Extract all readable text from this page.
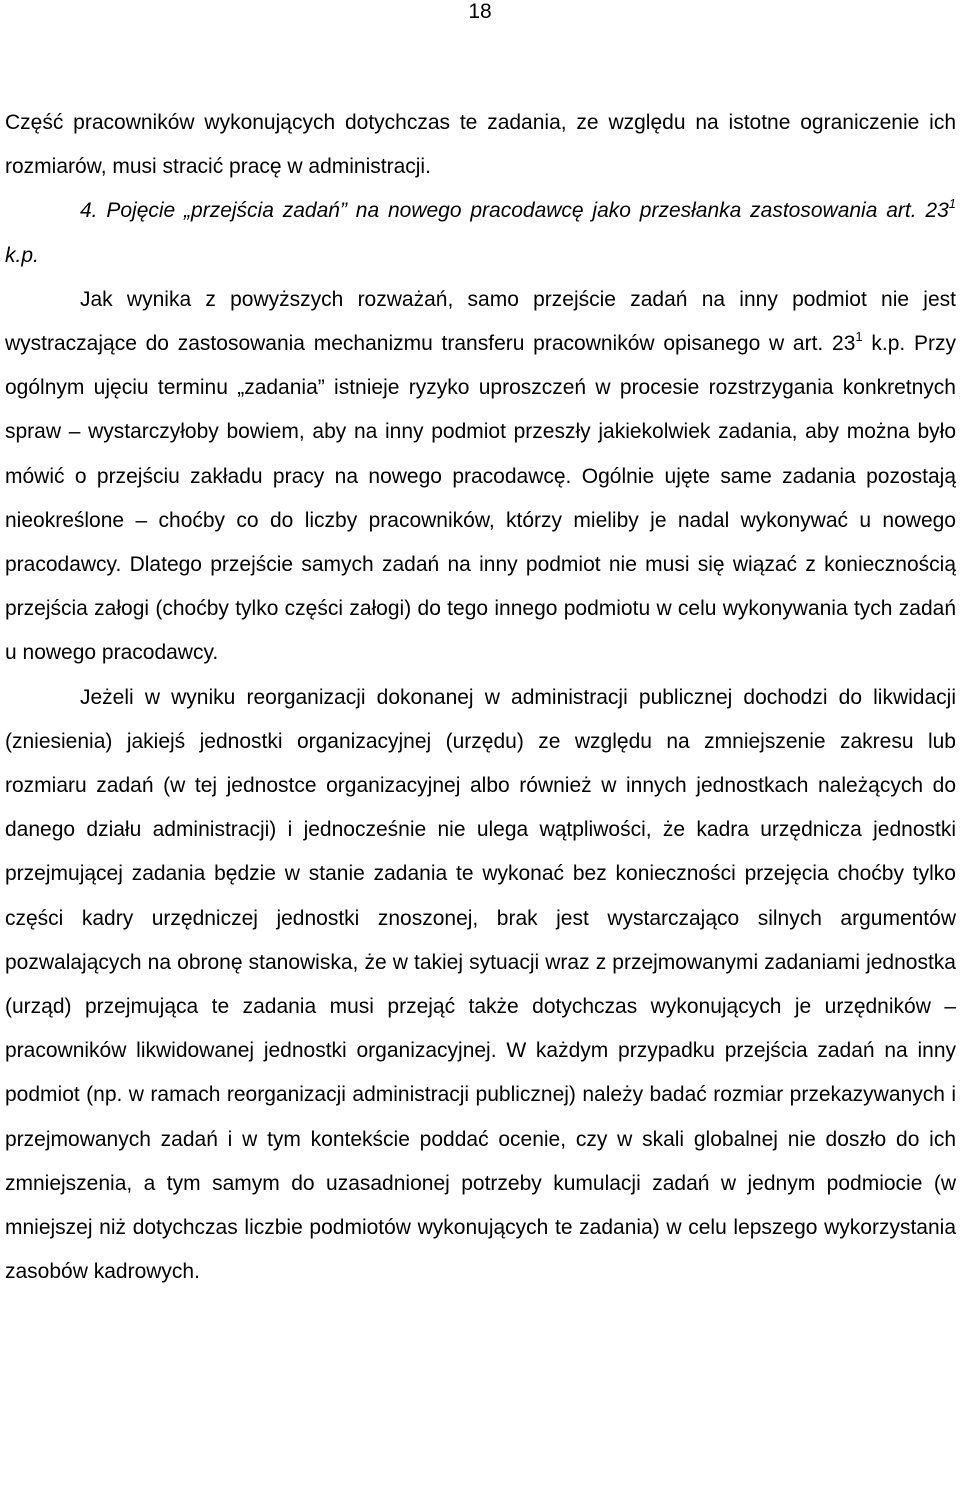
18

Część pracowników wykonujących dotychczas te zadania, ze względu na istotne ograniczenie ich rozmiarów, musi stracić pracę w administracji.

4. Pojęcie „przejścia zadań” na nowego pracodawcę jako przesłanka zastosowania art. $23^1$ k.p.

Jak wynika z powyższych rozważań, samo przejście zadań na inny podmiot nie jest wystraczające do zastosowania mechanizmu transferu pracowników opisanego w art. $23^1$ k.p. Przy ogólnym ujęciu terminu „zadania” istnieje ryzyko uproszczeń w procesie rozstrzygania konkretnych spraw – wystarczyłoby bowiem, aby na inny podmiot przeszły jakiekolwiek zadania, aby można było mówić o przejściu zakładu pracy na nowego pracodawcę. Ogólnie ujęte same zadania pozostają nieokreślone – choćby co do liczby pracowników, którzy mieliby je nadal wykonywać u nowego pracodawcy. Dlatego przejście samych zadań na inny podmiot nie musi się wiązać z koniecznością przejścia załogi (choćby tylko części załogi) do tego innego podmiotu w celu wykonywania tych zadań u nowego pracodawcy.

Jeżeli w wyniku reorganizacji dokonanej w administracji publicznej dochodzi do likwidacji (zniesienia) jakiejś jednostki organizacyjnej (urzędu) ze względu na zmniejszenie zakresu lub rozmiaru zadań (w tej jednostce organizacyjnej albo również w innych jednostkach należących do danego działu administracji) i jednocześnie nie ulega wątpliwości, że kadra urzędnicza jednostki przejmującej zadania będzie w stanie zadania te wykonać bez konieczności przejęcia choćby tylko części kadry urzędniczej jednostki znoszonej, brak jest wystarczająco silnych argumentów pozwalających na obronę stanowiska, że w takiej sytuacji wraz z przejmowanymi zadaniami jednostka (urząd) przejmująca te zadania musi przejąć także dotychczas wykonujących je urzędników – pracowników likwidowanej jednostki organizacyjnej. W każdym przypadku przejścia zadań na inny podmiot (np. w ramach reorganizacji administracji publicznej) należy badać rozmiar przekazywanych i przejmowanych zadań i w tym kontekście poddać ocenie, czy w skali globalnej nie doszło do ich zmniejszenia, a tym samym do uzasadnionej potrzeby kumulacji zadań w jednym podmiocie (w mniejszej niż dotychczas liczbie podmiotów wykonujących te zadania) w celu lepszego wykorzystania zasobów kadrowych.
